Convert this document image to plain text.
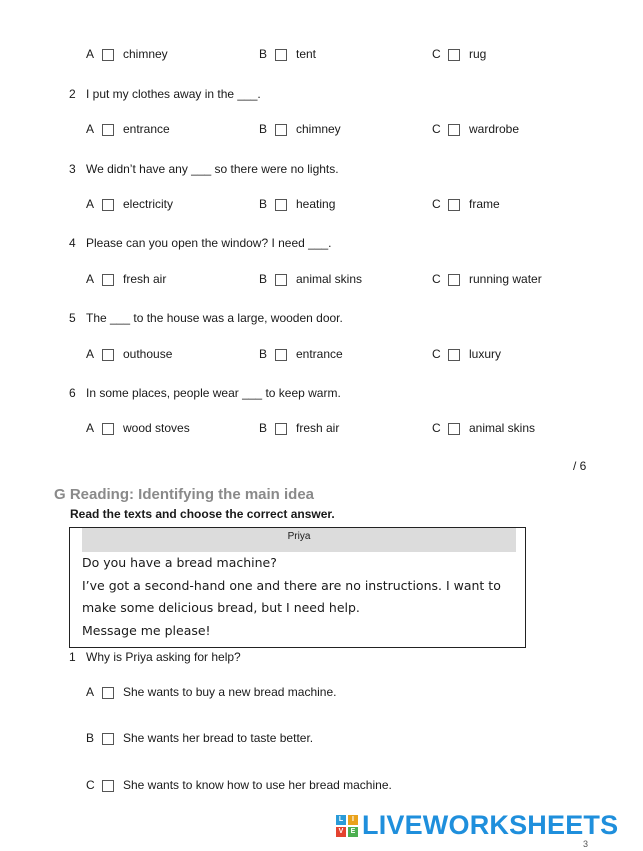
A	chimney	B	tent	C	rug
2 I put my clothes away in the ___.
A	entrance	B	chimney	C	wardrobe
3 We didn’t have any ___ so there were no lights.
A	electricity	B	heating	C	frame
4 Please can you open the window? I need ___.
A	fresh air	B	animal skins	C	running water
5 The ___ to the house was a large, wooden door.
A	outhouse	B	entrance	C	luxury
6 In some places, people wear ___ to keep warm.
A	wood stoves	B	fresh air	C	animal skins
/ 6
G Reading: Identifying the main idea
Read the texts and choose the correct answer.
Priya
Do you have a bread machine?
I’ve got a second-hand one and there are no instructions. I want to
make some delicious bread, but I need help.
Message me please!
1 Why is Priya asking for help?
A	She wants to buy a new bread machine.
B	She wants her bread to taste better.
C	She wants to know how to use her bread machine.
L	I
V	E LIVEWORKSHEETS
3
